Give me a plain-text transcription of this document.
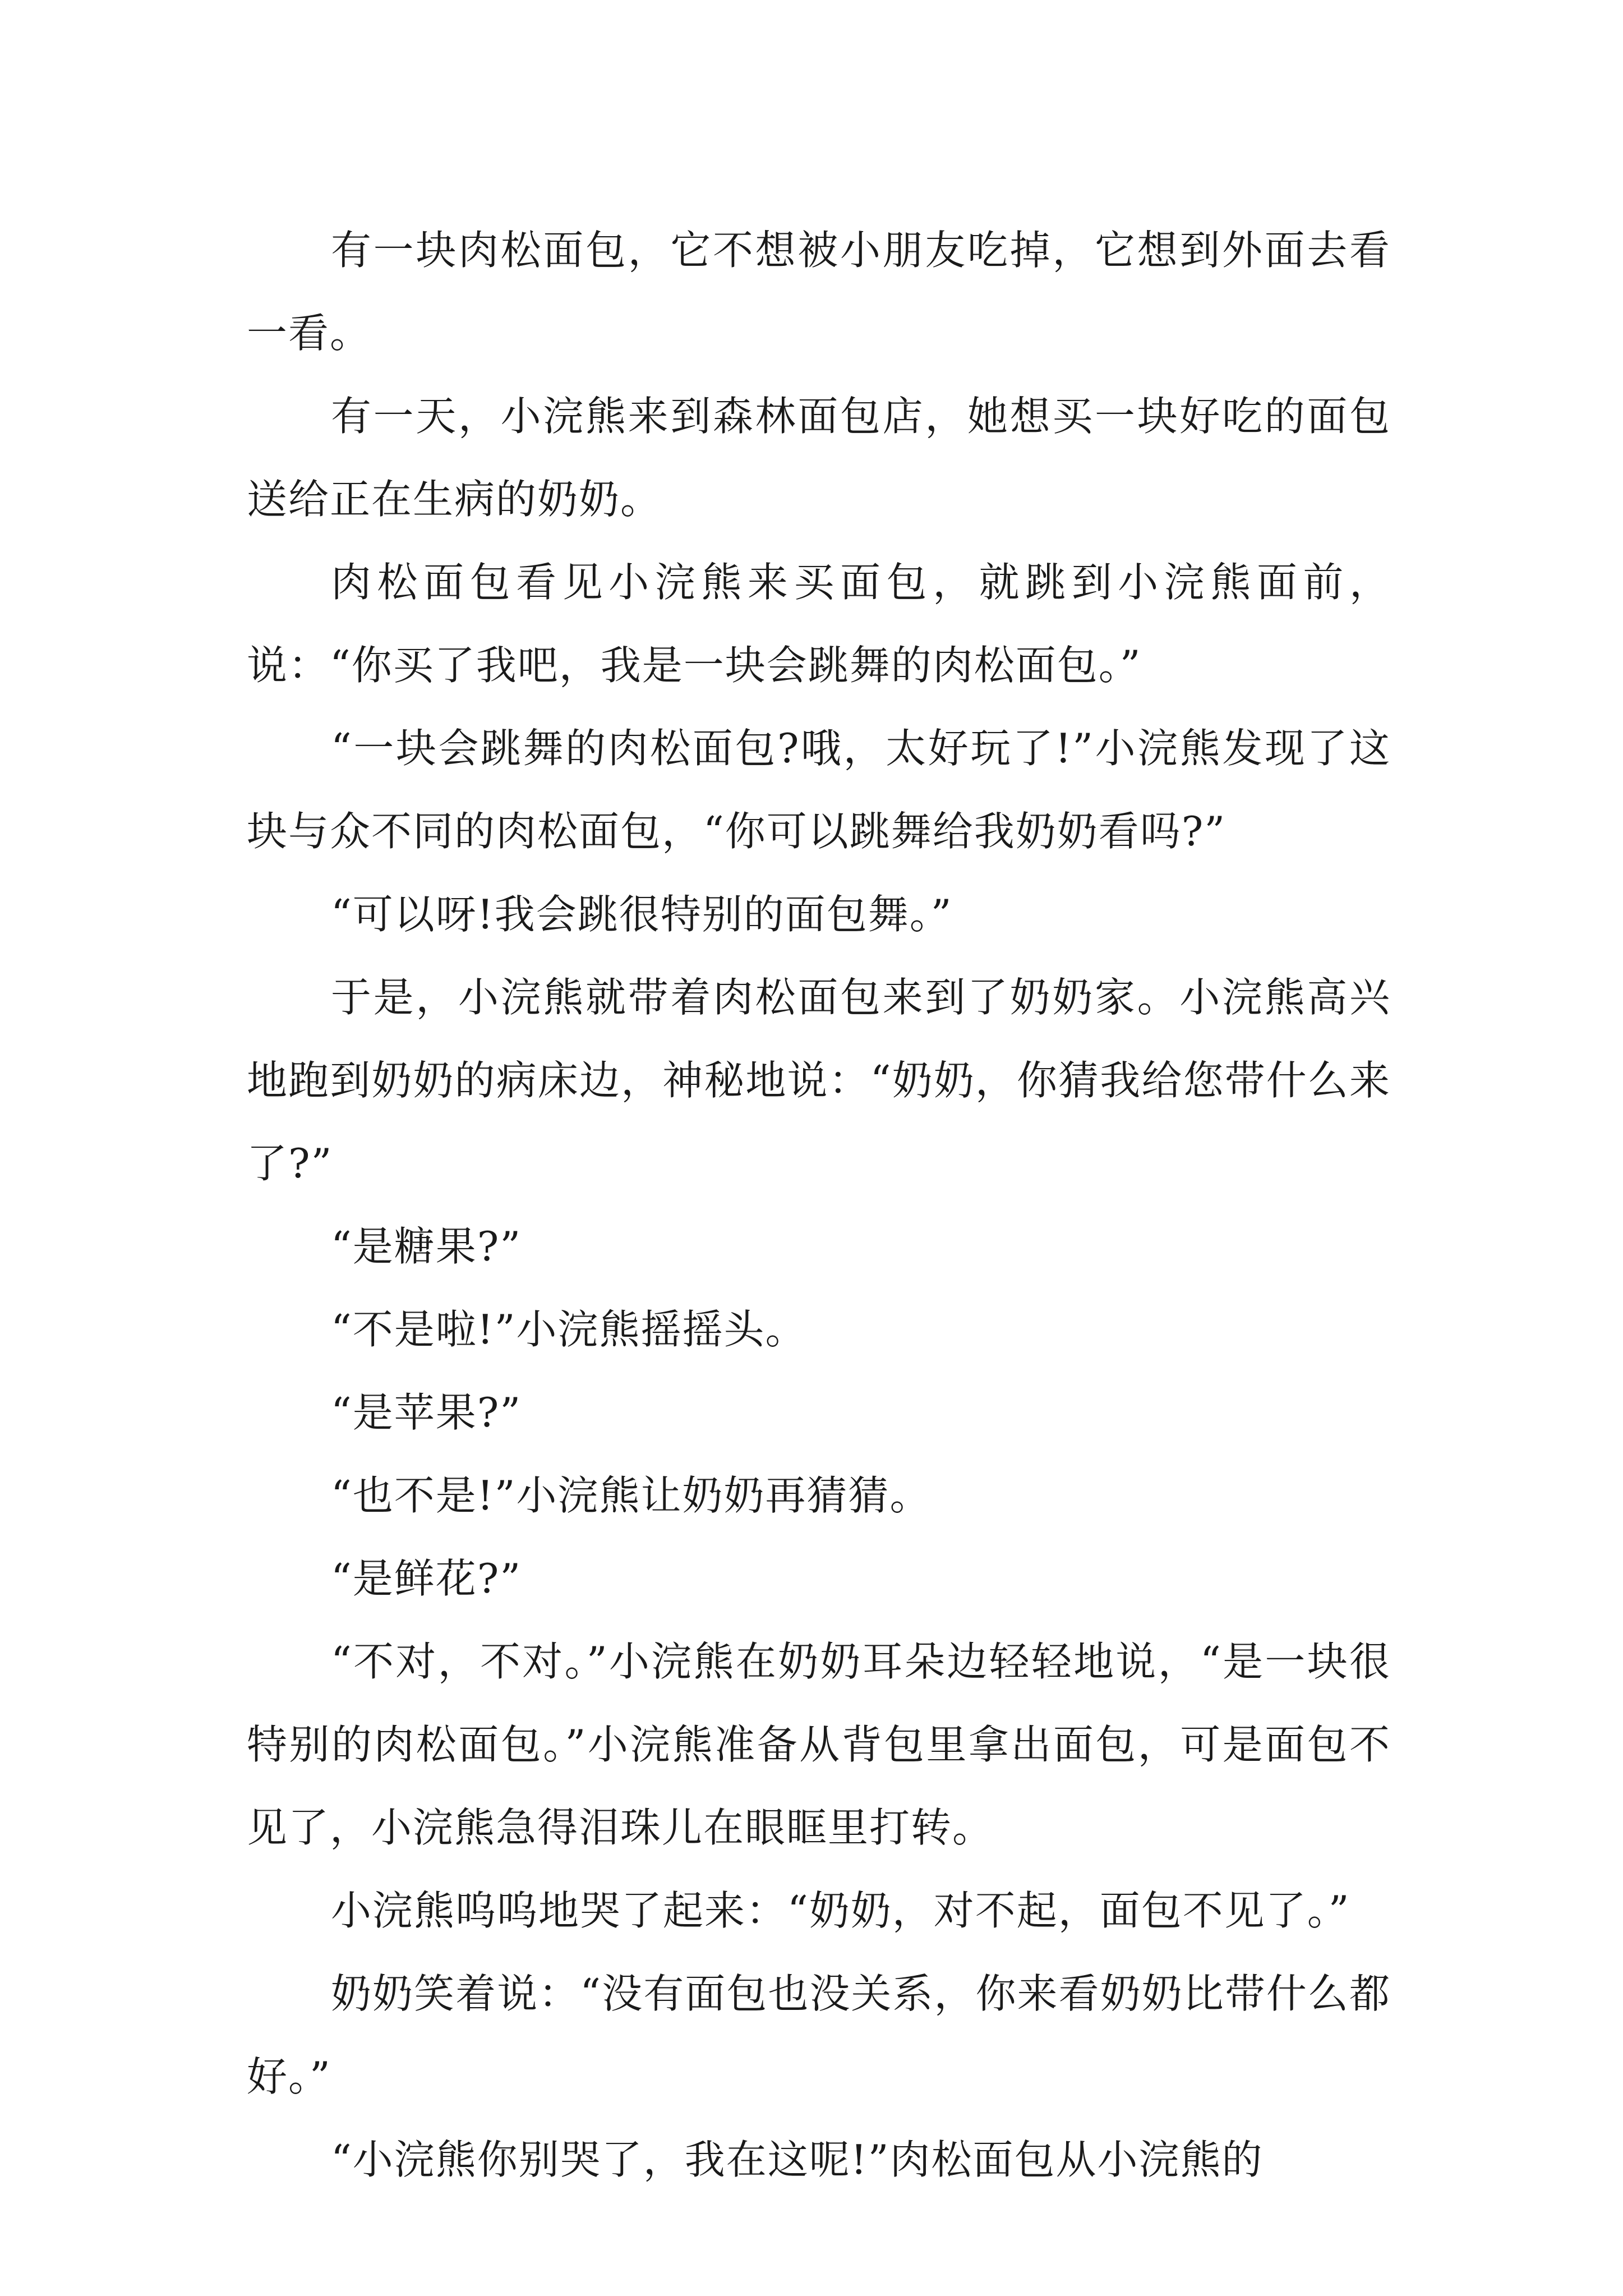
有一块肉松面包，它不想被小朋友吃掉，它想到外面去看一看。

有一天，小浣熊来到森林面包店，她想买一块好吃的面包送给正在生病的奶奶。

肉松面包看见小浣熊来买面包，就跳到小浣熊面前，说：“你买了我吧，我是一块会跳舞的肉松面包。”

“一块会跳舞的肉松面包?哦，太好玩了!”小浣熊发现了这块与众不同的肉松面包，“你可以跳舞给我奶奶看吗?”

“可以呀!我会跳很特别的面包舞。”

于是，小浣熊就带着肉松面包来到了奶奶家。小浣熊高兴地跑到奶奶的病床边，神秘地说：“奶奶，你猜我给您带什么来了?”

“是糖果?”

“不是啦!”小浣熊摇摇头。

“是苹果?”

“也不是!”小浣熊让奶奶再猜猜。

“是鲜花?”

“不对，不对。”小浣熊在奶奶耳朵边轻轻地说，“是一块很特别的肉松面包。”小浣熊准备从背包里拿出面包，可是面包不见了，小浣熊急得泪珠儿在眼眶里打转。

小浣熊呜呜地哭了起来：“奶奶，对不起，面包不见了。”

奶奶笑着说：“没有面包也没关系，你来看奶奶比带什么都好。”

“小浣熊你别哭了，我在这呢!”肉松面包从小浣熊的
